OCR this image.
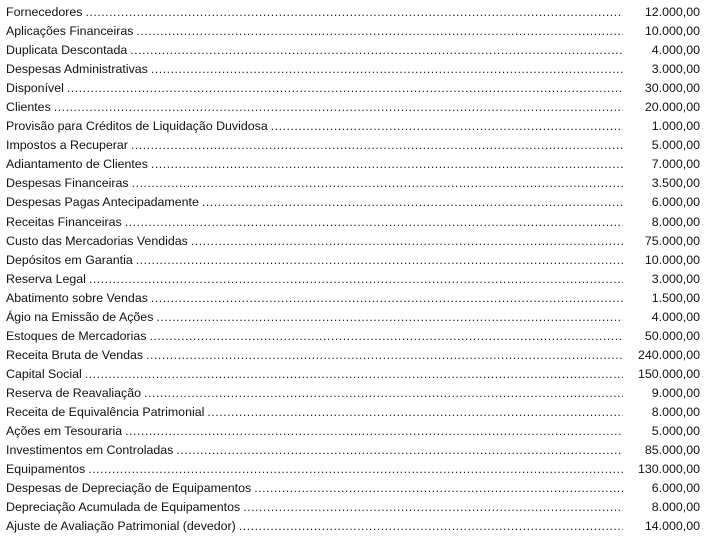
Fornecedores .....	12.000,00
Aplicações Financeiras .....	10.000,00
Duplicata Descontada .....	4.000,00
Despesas Administrativas .....	3.000,00
Disponível .....	30.000,00
Clientes .....	20.000,00
Provisão para Créditos de Liquidação Duvidosa .....	1.000,00
Impostos a Recuperar .....	5.000,00
Adiantamento de Clientes .....	7.000,00
Despesas Financeiras .....	3.500,00
Despesas Pagas Antecipadamente .....	6.000,00
Receitas Financeiras .....	8.000,00
Custo das Mercadorias Vendidas .....	75.000,00
Depósitos em Garantia .....	10.000,00
Reserva Legal .....	3.000,00
Abatimento sobre Vendas .....	1.500,00
Ágio na Emissão de Ações .....	4.000,00
Estoques de Mercadorias .....	50.000,00
Receita Bruta de Vendas .....	240.000,00
Capital Social .....	150.000,00
Reserva de Reavaliação .....	9.000,00
Receita de Equivalência Patrimonial .....	8.000,00
Ações em Tesouraria .....	5.000,00
Investimentos em Controladas .....	85.000,00
Equipamentos .....	130.000,00
Despesas de Depreciação de Equipamentos .....	6.000,00
Depreciação Acumulada de Equipamentos .....	8.000,00
Ajuste de Avaliação Patrimonial (devedor) .....	14.000,00
